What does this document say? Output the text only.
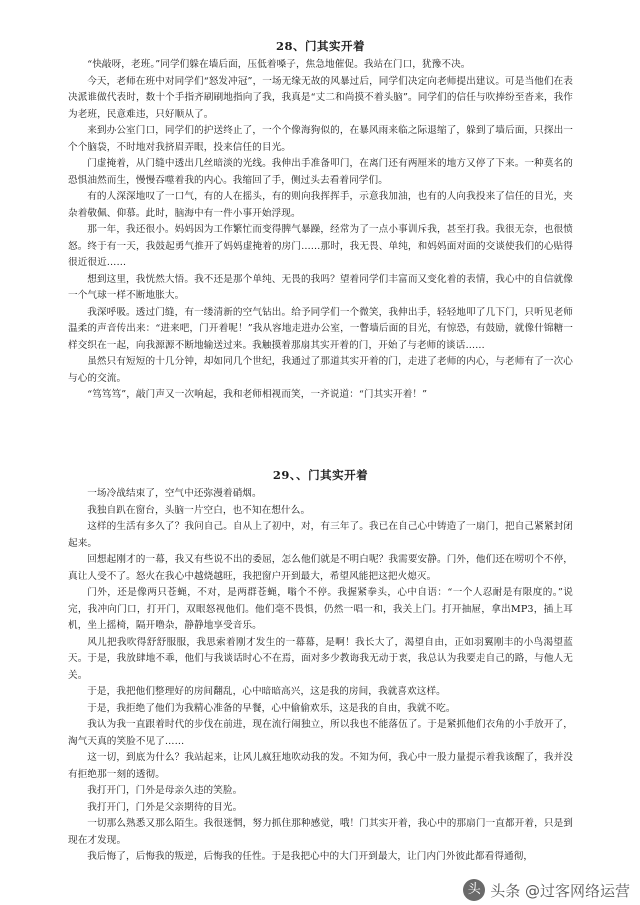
28、门其实开着

“快敲呀，老班。”同学们躲在墙后面，压低着嗓子，焦急地催促。我站在门口，犹豫不决。

今天，老师在班中对同学们“怒发冲冠”，一场无缘无故的风暴过后，同学们决定向老师提出建议。可是当他们在表决派谁做代表时，数十个手指齐刷刷地指向了我，我真是“丈二和尚摸不着头脑”。同学们的信任与吹捧纷至沓来，我作为老班，民意难违，只好顺从了。

来到办公室门口，同学们的护送终止了，一个个像海狗似的，在暴风雨来临之际退缩了，躲到了墙后面，只探出一个个脑袋，不时地对我挤眉弄眼，投来信任的目光。

门虚掩着，从门缝中透出几丝暗淡的光线。我伸出手准备叩门，在离门还有两厘米的地方又停了下来。一种莫名的恐惧油然而生，慢慢吞噬着我的内心。我缩回了手，侧过头去看着同学们。

有的人深深地叹了一口气，有的人在摇头，有的则向我挥挥手，示意我加油，也有的人向我投来了信任的目光，夹杂着敬佩、仰慕。此时，脑海中有一件小事开始浮现。

那一年，我还很小。妈妈因为工作繁忙而变得脾气暴躁，经常为了一点小事训斥我，甚至打我。我很无奈，也很愤怒。终于有一天，我鼓起勇气推开了妈妈虚掩着的房门……那时，我无畏、单纯，和妈妈面对面的交谈使我们的心贴得很近很近……

想到这里，我恍然大悟。我不还是那个单纯、无畏的我吗？望着同学们丰富而又变化着的表情，我心中的自信就像一个气球一样不断地胀大。

我深呼吸。透过门缝，有一缕清新的空气钻出。给予同学们一个微笑，我伸出手，轻轻地叩了几下门，只听见老师温柔的声音传出来：“进来吧，门开着呢！”我从容地走进办公室，一瞥墙后面的目光，有惊恐，有鼓励，就像什锦糖一样交织在一起，向我源源不断地输送过来。我触摸着那扇其实开着的门，开始了与老师的谈话……

虽然只有短短的十几分钟，却如同几个世纪，我通过了那道其实开着的门，走进了老师的内心，与老师有了一次心与心的交流。

“笃笃笃”，敲门声又一次响起，我和老师相视而笑，一齐说道：“门其实开着！”

29、、门其实开着

一场冷战结束了，空气中还弥漫着硝烟。

我独自趴在窗台，头脑一片空白，也不知在想什么。

这样的生活有多久了？我问自己。自从上了初中，对，有三年了。我已在自己心中铸造了一扇门，把自己紧紧封闭起来。

回想起刚才的一幕，我又有些说不出的委屈，怎么他们就是不明白呢？我需要安静。门外，他们还在唠叨个不停，真让人受不了。怒火在我心中越烧越旺，我把窗户开到最大，希望风能把这把火熄灭。

门外，还是像两只苍蝇，不对，是两群苍蝇，嗡个不停。我握紧拳头，心中自语：“一个人忍耐是有限度的。”说完，我冲向门口，打开门，双眼怒视他们。他们毫不畏惧，仍然一唱一和，我关上门。打开抽屉，拿出MP3，插上耳机，坐上摇椅，隔开噜杂，静静地享受音乐。

风儿把我吹得舒舒服服，我思索着刚才发生的一幕幕，是啊！我长大了，渴望自由，正如羽翼刚丰的小鸟渴望蓝天。于是，我放肆地不乖，他们与我谈话时心不在焉，面对多少教诲我无动于衷，我总认为我要走自己的路，与他人无关。

于是，我把他们整理好的房间翻乱，心中暗暗高兴，这是我的房间，我就喜欢这样。

于是，我拒绝了他们为我精心准备的早餐，心中偷偷欢乐，这是我的自由，我就不吃。

我认为我一直跟着时代的步伐在前进，现在流行闹独立，所以我也不能落伍了。于是紧抓他们衣角的小手放开了，淘气天真的笑脸不见了……

这一切，到底为什么？我站起来，让风儿疯狂地吹动我的发。不知为何，我心中一股力量提示着我该醒了，我并没有拒绝那一刻的透彻。

我打开门，门外是母亲久违的笑脸。

我打开门，门外是父亲期待的目光。

一切那么熟悉又那么陌生。我很迷惘，努力抓住那种感觉，哦！门其实开着，我心中的那扇门一直都开着，只是到现在才发现。

我后悔了，后悔我的叛逆，后悔我的任性。于是我把心中的大门开到最大，让门内门外彼此都看得通彻，

头 头条 @过客网络运营
